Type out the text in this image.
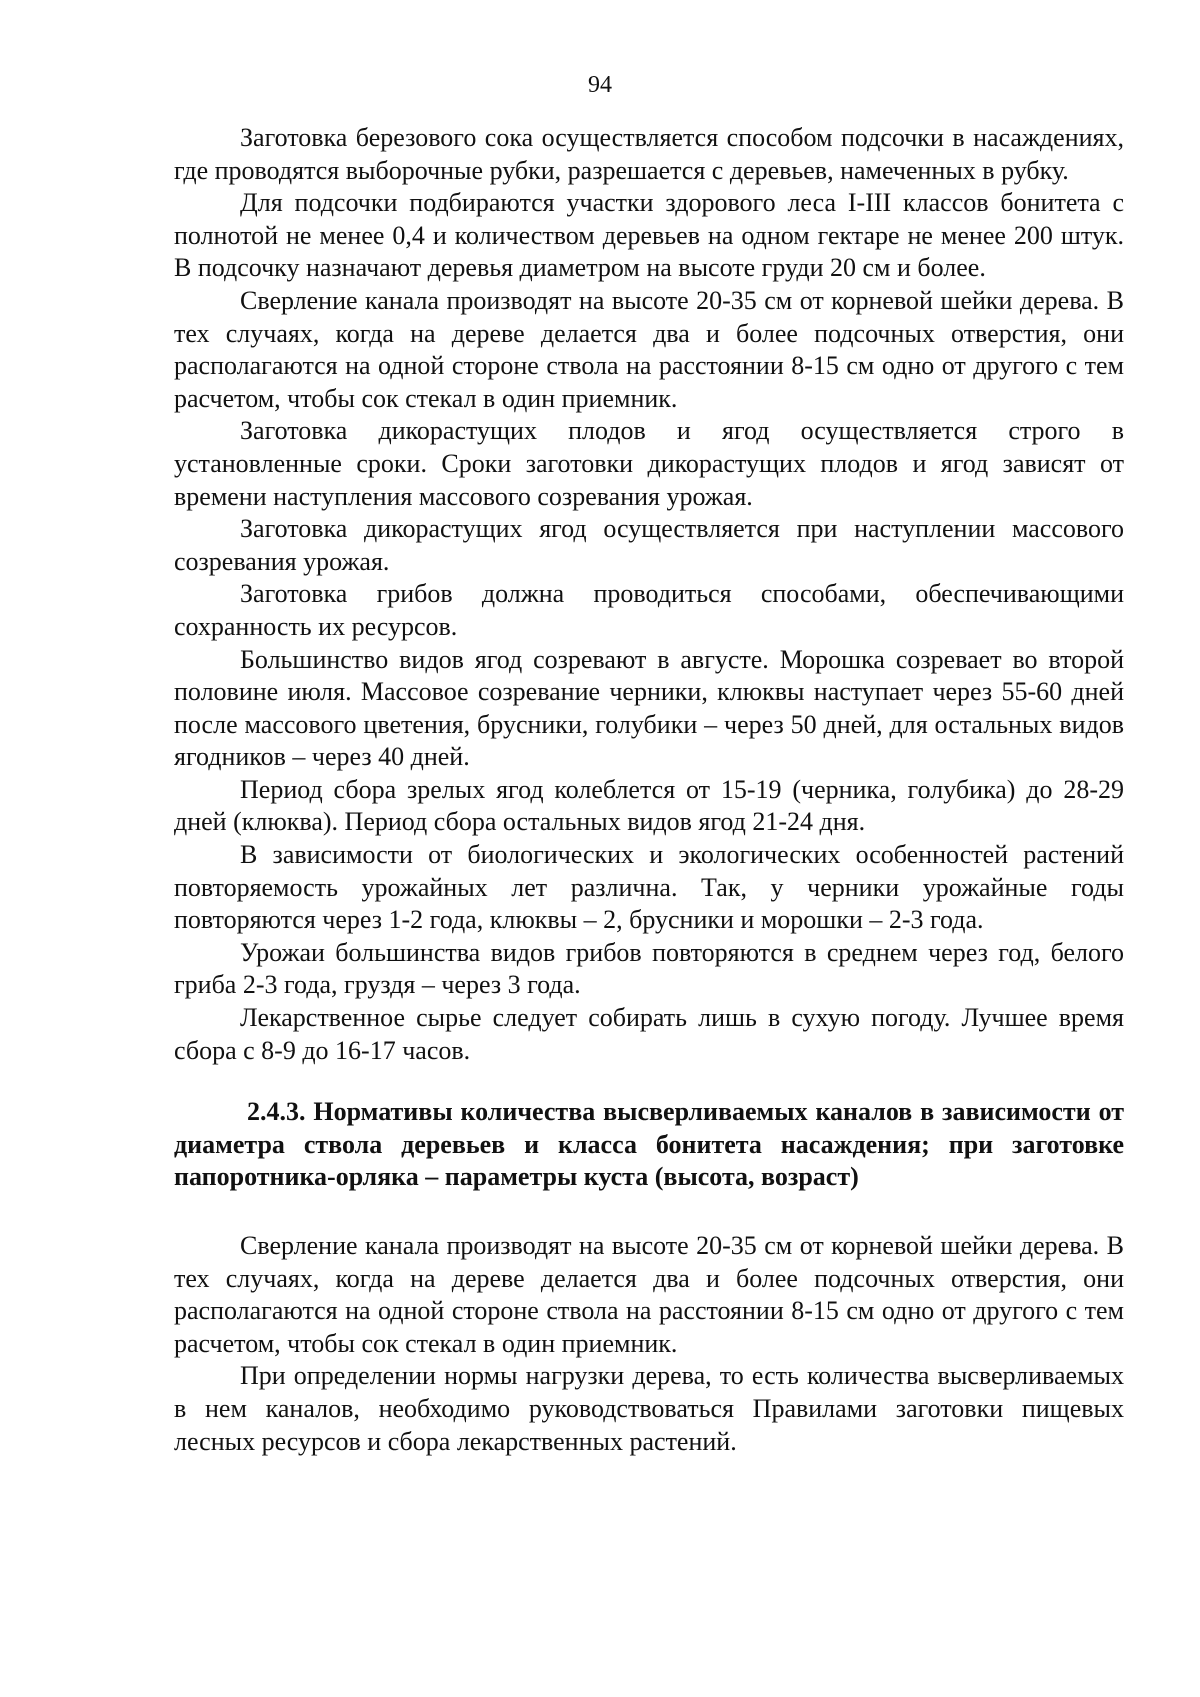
94

Заготовка березового сока осуществляется способом подсочки в насаждениях, где проводятся выборочные рубки, разрешается с деревьев, намеченных в рубку.

Для подсочки подбираются участки здорового леса I-III классов бонитета с полнотой не менее 0,4 и количеством деревьев на одном гектаре не менее 200 штук. В подсочку назначают деревья диаметром на высоте груди 20 см и более.

Сверление канала производят на высоте 20-35 см от корневой шейки дерева. В тех случаях, когда на дереве делается два и более подсочных отверстия, они располагаются на одной стороне ствола на расстоянии 8-15 см одно от другого с тем расчетом, чтобы сок стекал в один приемник.

Заготовка дикорастущих плодов и ягод осуществляется строго в установленные сроки. Сроки заготовки дикорастущих плодов и ягод зависят от времени наступления массового созревания урожая.

Заготовка дикорастущих ягод осуществляется при наступлении массового созревания урожая.

Заготовка грибов должна проводиться способами, обеспечивающими сохранность их ресурсов.

Большинство видов ягод созревают в августе. Морошка созревает во второй половине июля. Массовое созревание черники, клюквы наступает через 55-60 дней после массового цветения, брусники, голубики – через 50 дней, для остальных видов ягодников – через 40 дней.

Период сбора зрелых ягод колеблется от 15-19 (черника, голубика) до 28-29 дней (клюква). Период сбора остальных видов ягод 21-24 дня.

В зависимости от биологических и экологических особенностей растений повторяемость урожайных лет различна. Так, у черники урожайные годы повторяются через 1-2 года, клюквы – 2, брусники и морошки – 2-3 года.

Урожаи большинства видов грибов повторяются в среднем через год, белого гриба 2-3 года, груздя – через 3 года.

Лекарственное сырье следует собирать лишь в сухую погоду. Лучшее время сбора с 8-9 до 16-17 часов.

2.4.3. Нормативы количества высверливаемых каналов в зависимости от диаметра ствола деревьев и класса бонитета насаждения; при заготовке папоротника-орляка – параметры куста (высота, возраст)

Сверление канала производят на высоте 20-35 см от корневой шейки дерева. В тех случаях, когда на дереве делается два и более подсочных отверстия, они располагаются на одной стороне ствола на расстоянии 8-15 см одно от другого с тем расчетом, чтобы сок стекал в один приемник.

При определении нормы нагрузки дерева, то есть количества высверливаемых в нем каналов, необходимо руководствоваться Правилами заготовки пищевых лесных ресурсов и сбора лекарственных растений.
